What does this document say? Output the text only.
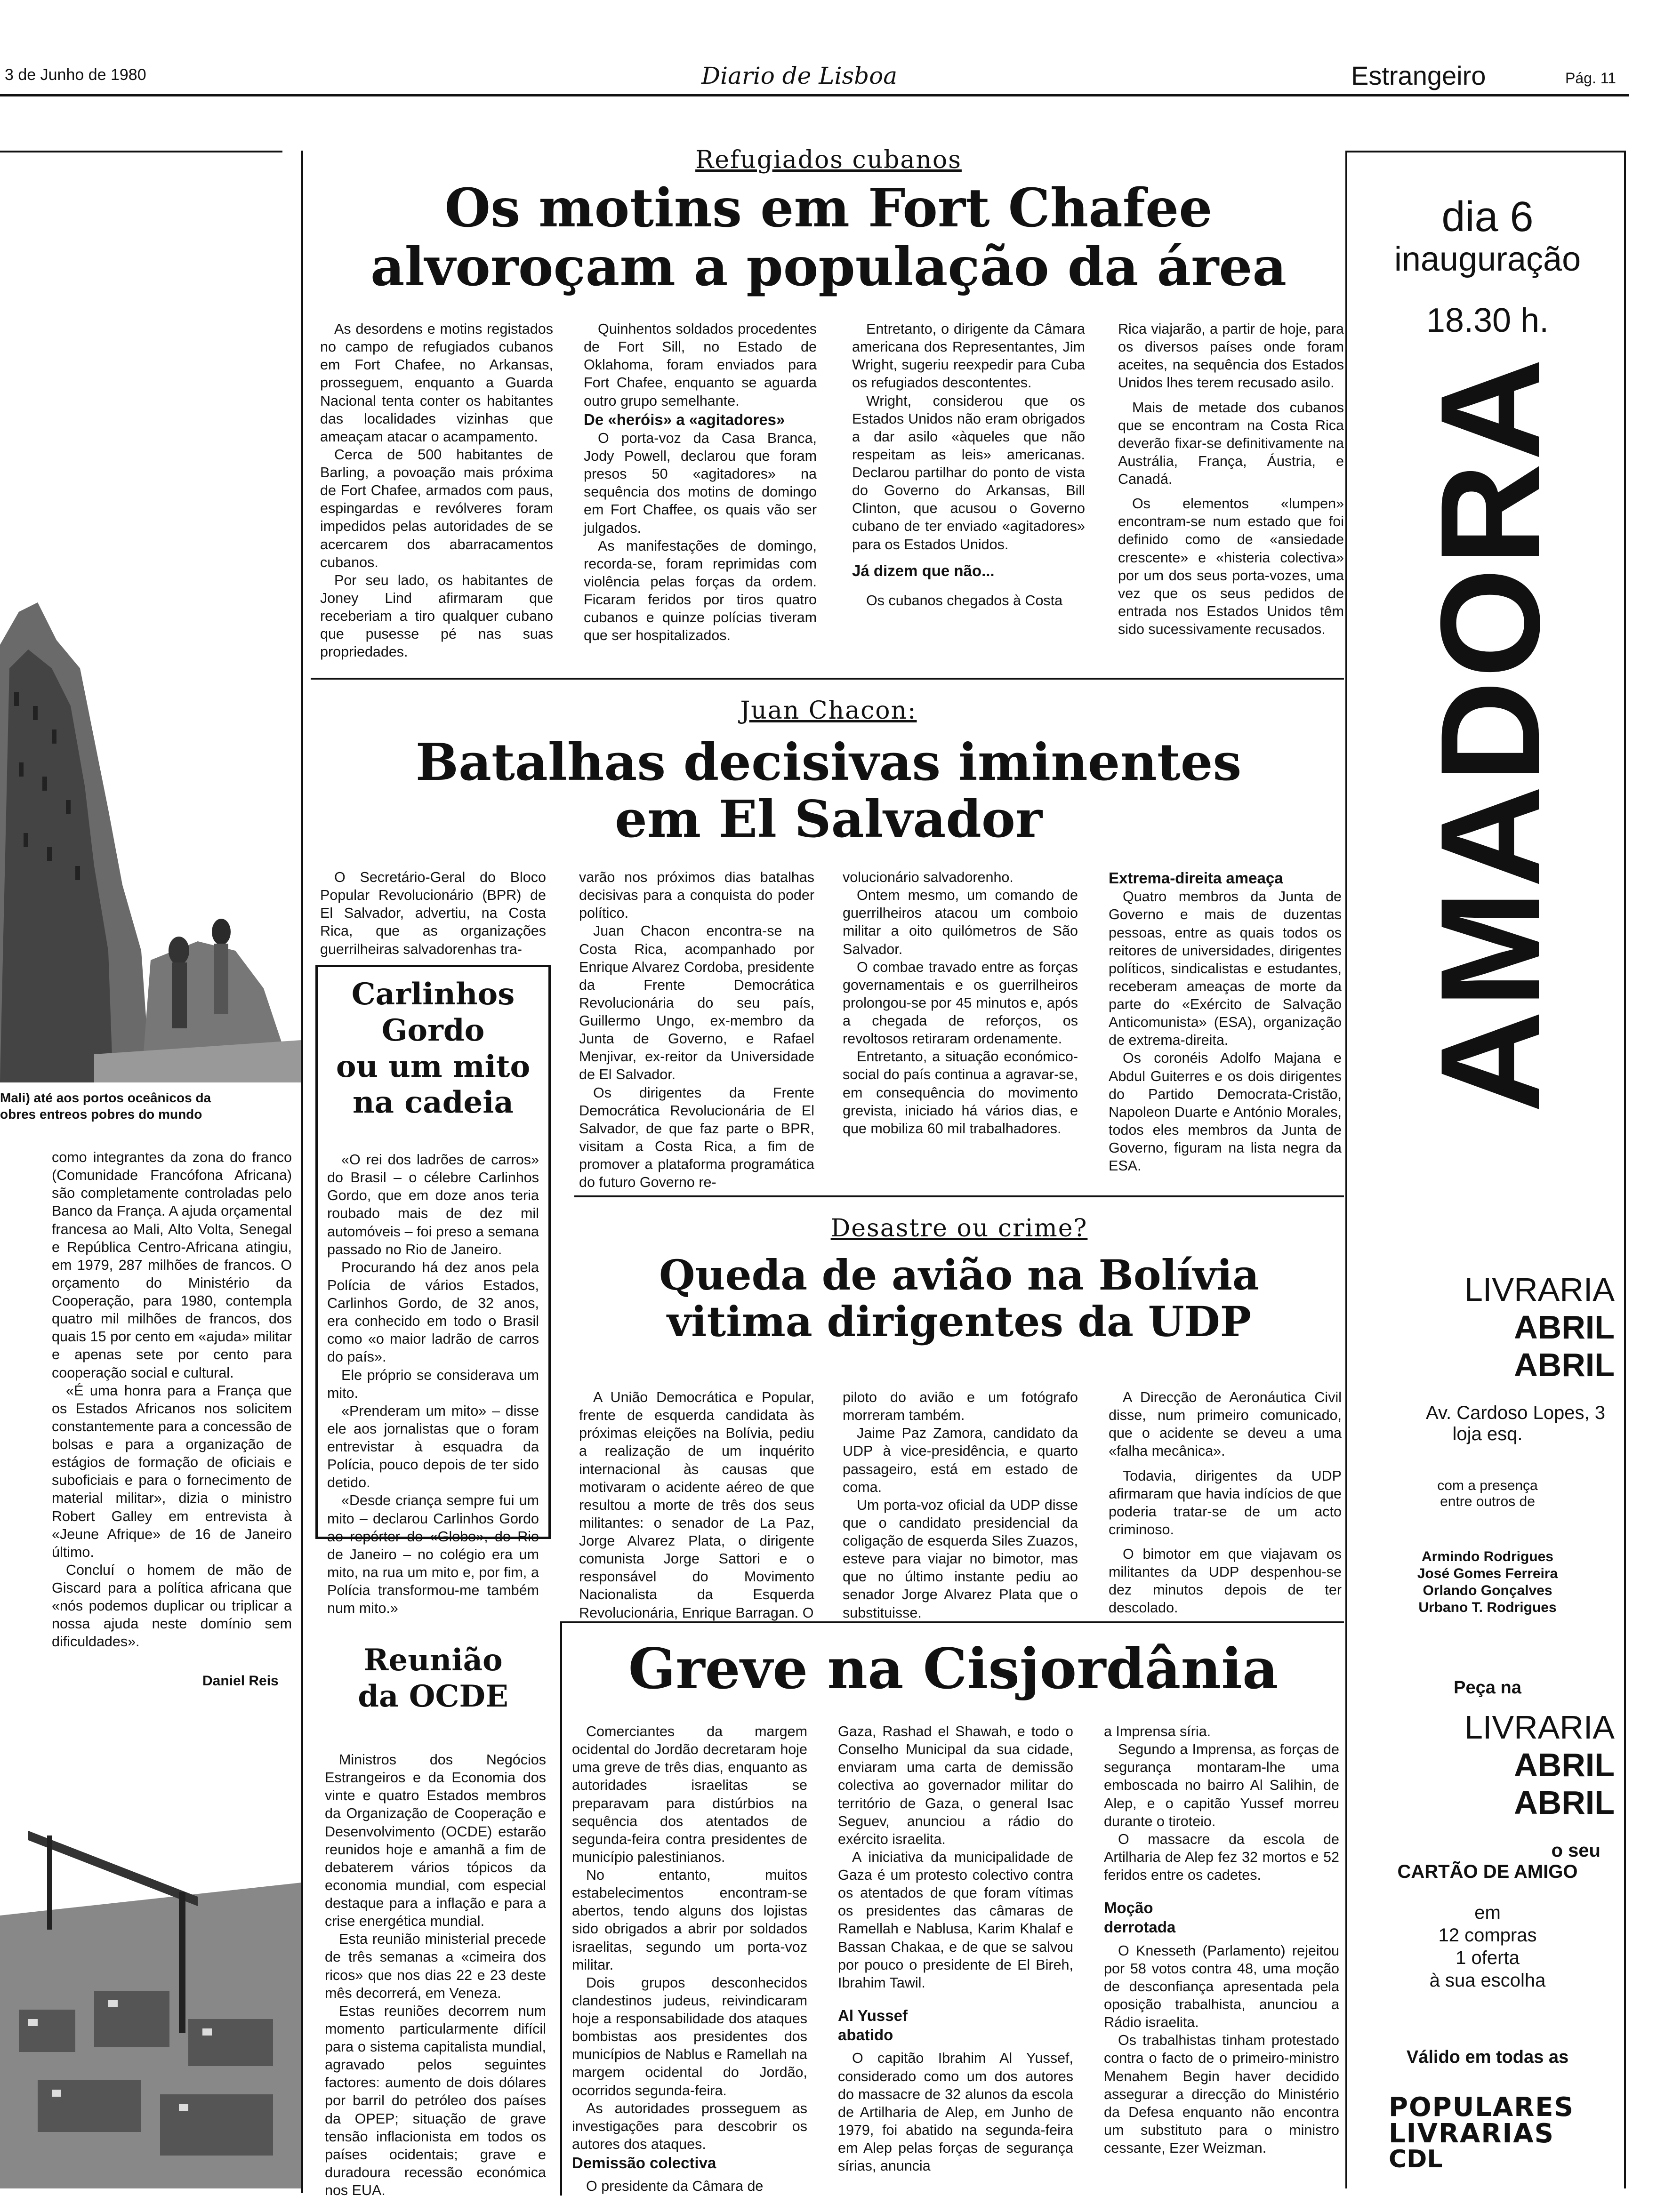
3 de Junho de 1980	Diario de Lisboa	Estrangeiro	Pág. 11

Mali) até aos portos oceânicos da

obres entreos pobres do mundo

como integrantes da zona do franco (Comunidade Francófona Africana) são completamente controladas pelo Banco da França. A ajuda orçamental francesa ao Mali, Alto Volta, Senegal e República Centro-Africana atingiu, em 1979, 287 milhões de francos. O orçamento do Ministério da Cooperação, para 1980, contempla quatro mil milhões de francos, dos quais 15 por cento em «ajuda» militar e apenas sete por cento para cooperação social e cultural.

«É uma honra para a França que os Estados Africanos nos solicitem constantemente para a concessão de bolsas e para a organização de estágios de formação de oficiais e suboficiais e para o fornecimento de material militar», dizia o ministro Robert Galley em entrevista à «Jeune Afrique» de 16 de Janeiro último.

Concluí o homem de mão de Giscard para a política africana que «nós podemos duplicar ou triplicar a nossa ajuda neste domínio sem dificuldades».

Daniel Reis
Refugiados cubanos
Os motins em Fort Chafee
alvoroçam a população da área

As desordens e motins registados no campo de refugiados cubanos em Fort Chafee, no Arkansas, prosseguem, enquanto a Guarda Nacional tenta conter os habitantes das localidades vizinhas que ameaçam atacar o acampamento.

Cerca de 500 habitantes de Barling, a povoação mais próxima de Fort Chafee, armados com paus, espingardas e revólveres foram impedidos pelas autoridades de se acercarem dos abarracamentos cubanos.

Por seu lado, os habitantes de Joney Lind afirmaram que receberiam a tiro qualquer cubano que pusesse pé nas suas propriedades.

Quinhentos soldados procedentes de Fort Sill, no Estado de Oklahoma, foram enviados para Fort Chafee, enquanto se aguarda outro grupo semelhante.

De «heróis» a «agitadores»

O porta-voz da Casa Branca, Jody Powell, declarou que foram presos 50 «agitadores» na sequência dos motins de domingo em Fort Chaffee, os quais vão ser julgados.

As manifestações de domingo, recorda-se, foram reprimidas com violência pelas forças da ordem. Ficaram feridos por tiros quatro cubanos e quinze polícias tiveram que ser hospitalizados.

Entretanto, o dirigente da Câmara americana dos Representantes, Jim Wright, sugeriu reexpedir para Cuba os refugiados descontentes.

Wright, considerou que os Estados Unidos não eram obrigados a dar asilo «àqueles que não respeitam as leis» americanas. Declarou partilhar do ponto de vista do Governo do Arkansas, Bill Clinton, que acusou o Governo cubano de ter enviado «agitadores» para os Estados Unidos.

Já dizem que não...

Os cubanos chegados à Costa

Rica viajarão, a partir de hoje, para os diversos países onde foram aceites, na sequência dos Estados Unidos lhes terem recusado asilo.

Mais de metade dos cubanos que se encontram na Costa Rica deverão fixar-se definitivamente na Austrália, França, Áustria, e Canadá.

Os elementos «lumpen» encontram-se num estado que foi definido como de «ansiedade crescente» e «histeria colectiva» por um dos seus porta-vozes, uma vez que os seus pedidos de entrada nos Estados Unidos têm sido sucessivamente recusados.

Juan Chacon:
Batalhas decisivas iminentes
em El Salvador

O Secretário-Geral do Bloco Popular Revolucionário (BPR) de El Salvador, advertiu, na Costa Rica, que as organizações guerrilheiras salvadorenhas tra-

varão nos próximos dias batalhas decisivas para a conquista do poder político.

Juan Chacon encontra-se na Costa Rica, acompanhado por Enrique Alvarez Cordoba, presidente da Frente Democrática Revolucionária do seu país, Guillermo Ungo, ex-membro da Junta de Governo, e Rafael Menjivar, ex-reitor da Universidade de El Salvador.

Os dirigentes da Frente Democrática Revolucionária de El Salvador, de que faz parte o BPR, visitam a Costa Rica, a fim de promover a plataforma programática do futuro Governo re-

volucionário salvadorenho.

Ontem mesmo, um comando de guerrilheiros atacou um comboio militar a oito quilómetros de São Salvador.

O combae travado entre as forças governamentais e os guerrilheiros prolongou-se por 45 minutos e, após a chegada de reforços, os revoltosos retiraram ordenamente.

Entretanto, a situação económico-social do país continua a agravar-se, em consequência do movimento grevista, iniciado há vários dias, e que mobiliza 60 mil trabalhadores.

Extrema-direita ameaça

Quatro membros da Junta de Governo e mais de duzentas pessoas, entre as quais todos os reitores de universidades, dirigentes políticos, sindicalistas e estudantes, receberam ameaças de morte da parte do «Exército de Salvação Anticomunista» (ESA), organização de extrema-direita.

Os coronéis Adolfo Majana e Abdul Guiterres e os dois dirigentes do Partido Democrata-Cristão, Napoleon Duarte e António Morales, todos eles membros da Junta de Governo, figuram na lista negra da ESA.

Carlinhos
Gordo
ou um mito
na cadeia

«O rei dos ladrões de carros» do Brasil – o célebre Carlinhos Gordo, que em doze anos teria roubado mais de dez mil automóveis – foi preso a semana passado no Rio de Janeiro.

Procurando há dez anos pela Polícia de vários Estados, Carlinhos Gordo, de 32 anos, era conhecido em todo o Brasil como «o maior ladrão de carros do país».

Ele próprio se considerava um mito.

«Prenderam um mito» – disse ele aos jornalistas que o foram entrevistar à esquadra da Polícia, pouco depois de ter sido detido.

«Desde criança sempre fui um mito – declarou Carlinhos Gordo ao repórter do «Globo», do Rio de Janeiro – no colégio era um mito, na rua um mito e, por fim, a Polícia transformou-me também num mito.»

Desastre ou crime?
Queda de avião na Bolívia
vitima dirigentes da UDP

A União Democrática e Popular, frente de esquerda candidata às próximas eleições na Bolívia, pediu a realização de um inquérito internacional às causas que motivaram o acidente aéreo de que resultou a morte de três dos seus militantes: o senador de La Paz, Jorge Alvarez Plata, o dirigente comunista Jorge Sattori e o responsável do Movimento Nacionalista da Esquerda Revolucionária, Enrique Barragan. O

piloto do avião e um fotógrafo morreram também.

Jaime Paz Zamora, candidato da UDP à vice-presidência, e quarto passageiro, está em estado de coma.

Um porta-voz oficial da UDP disse que o candidato presidencial da coligação de esquerda Siles Zuazos, esteve para viajar no bimotor, mas que no último instante pediu ao senador Jorge Alvarez Plata que o substituisse.

A Direcção de Aeronáutica Civil disse, num primeiro comunicado, que o acidente se deveu a uma «falha mecânica».

Todavia, dirigentes da UDP afirmaram que havia indícios de que poderia tratar-se de um acto criminoso.

O bimotor em que viajavam os militantes da UDP despenhou-se dez minutos depois de ter descolado.

Reunião
da OCDE

Ministros dos Negócios Estrangeiros e da Economia dos vinte e quatro Estados membros da Organização de Cooperação e Desenvolvimento (OCDE) estarão reunidos hoje e amanhã a fim de debaterem vários tópicos da economia mundial, com especial destaque para a inflação e para a crise energética mundial.

Esta reunião ministerial precede de três semanas a «cimeira dos ricos» que nos dias 22 e 23 deste mês decorrerá, em Veneza.

Estas reuniões decorrem num momento particularmente difícil para o sistema capitalista mundial, agravado pelos seguintes factores: aumento de dois dólares por barril do petróleo dos países da OPEP; situação de grave tensão inflacionista em todos os países ocidentais; grave e duradoura recessão económica nos EUA.

Greve na Cisjordânia

Comerciantes da margem ocidental do Jordão decretaram hoje uma greve de três dias, enquanto as autoridades israelitas se preparavam para distúrbios na sequência dos atentados de segunda-feira contra presidentes de município palestinianos.

No entanto, muitos estabelecimentos encontram-se abertos, tendo alguns dos lojistas sido obrigados a abrir por soldados israelitas, segundo um porta-voz militar.

Dois grupos desconhecidos clandestinos judeus, reivindicaram hoje a responsabilidade dos ataques bombistas aos presidentes dos municípios de Nablus e Ramellah na margem ocidental do Jordão, ocorridos segunda-feira.

As autoridades prosseguem as investigações para descobrir os autores dos ataques.

Demissão colectiva

O presidente da Câmara de

Gaza, Rashad el Shawah, e todo o Conselho Municipal da sua cidade, enviaram uma carta de demissão colectiva ao governador militar do território de Gaza, o general Isac Seguev, anunciou a rádio do exército israelita.

A iniciativa da municipalidade de Gaza é um protesto colectivo contra os atentados de que foram vítimas os presidentes das câmaras de Ramellah e Nablusa, Karim Khalaf e Bassan Chakaa, e de que se salvou por pouco o presidente de El Bireh, Ibrahim Tawil.

Al Yussef abatido

O capitão Ibrahim Al Yussef, considerado como um dos autores do massacre de 32 alunos da escola de Artilharia de Alep, em Junho de 1979, foi abatido na segunda-feira em Alep pelas forças de segurança sírias, anuncia

a Imprensa síria.

Segundo a Imprensa, as forças de segurança montaram-lhe uma emboscada no bairro Al Salihin, de Alep, e o capitão Yussef morreu durante o tiroteio.

O massacre da escola de Artilharia de Alep fez 32 mortos e 52 feridos entre os cadetes.

Moção derrotada

O Knesseth (Parlamento) rejeitou por 58 votos contra 48, uma moção de desconfiança apresentada pela oposição trabalhista, anunciou a Rádio israelita.

Os trabalhistas tinham protestado contra o facto de o primeiro-ministro Menahem Begin haver decidido assegurar a direcção do Ministério da Defesa enquanto não encontra um substituto para o ministro cessante, Ezer Weizman.

dia 6
inauguração
18.30 h.
AMADORA
LIVRARIA
ABRIL
ABRIL
Av. Cardoso Lopes, 3
loja esq.
com a presença
entre outros de
Armindo Rodrigues
José Gomes Ferreira
Orlando Gonçalves
Urbano T. Rodrigues
Peça na
LIVRARIA
ABRIL
ABRIL
o seu
CARTÃO DE AMIGO
em
12 compras
1 oferta
à sua escolha
Válido em todas as
POPULARES
LIVRARIAS
CDL
